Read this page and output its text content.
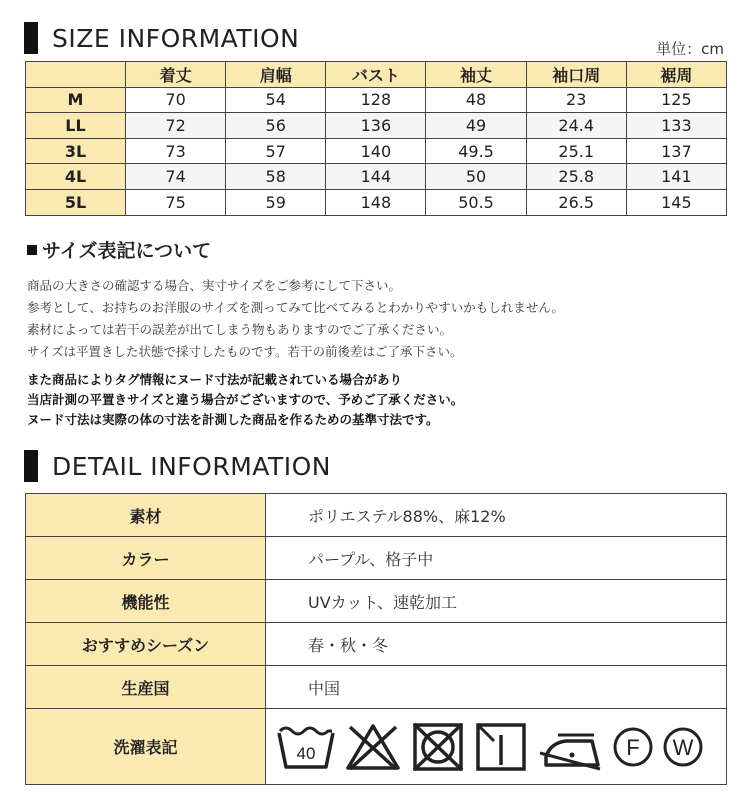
SIZE INFORMATION	単位：cm
	着丈	肩幅	バスト	袖丈	袖口周	裾周
M	70	54	128	48	23	125
LL	72	56	136	49	24.4	133
3L	73	57	140	49.5	25.1	137
4L	74	58	144	50	25.8	141
5L	75	59	148	50.5	26.5	145
サイズ表記について
商品の大きさの確認する場合、実寸サイズをご参考にして下さい。
参考として、お持ちのお洋服のサイズを測ってみて比べてみるとわかりやすいかもしれません。
素材によっては若干の誤差が出てしまう物もありますのでご了承ください。
サイズは平置きした状態で採寸したものです。若干の前後差はご了承下さい。
また商品によりタグ情報にヌード寸法が記載されている場合があり
当店計測の平置きサイズと違う場合がございますので、予めご了承ください。
ヌード寸法は実際の体の寸法を計測した商品を作るための基準寸法です。
DETAIL INFORMATION
素材	ポリエステル88%、麻12%
カラー	パープル、格子中
機能性	UVカット、速乾加工
おすすめシーズン	春・秋・冬
生産国	中国
洗濯表記	40 F W
